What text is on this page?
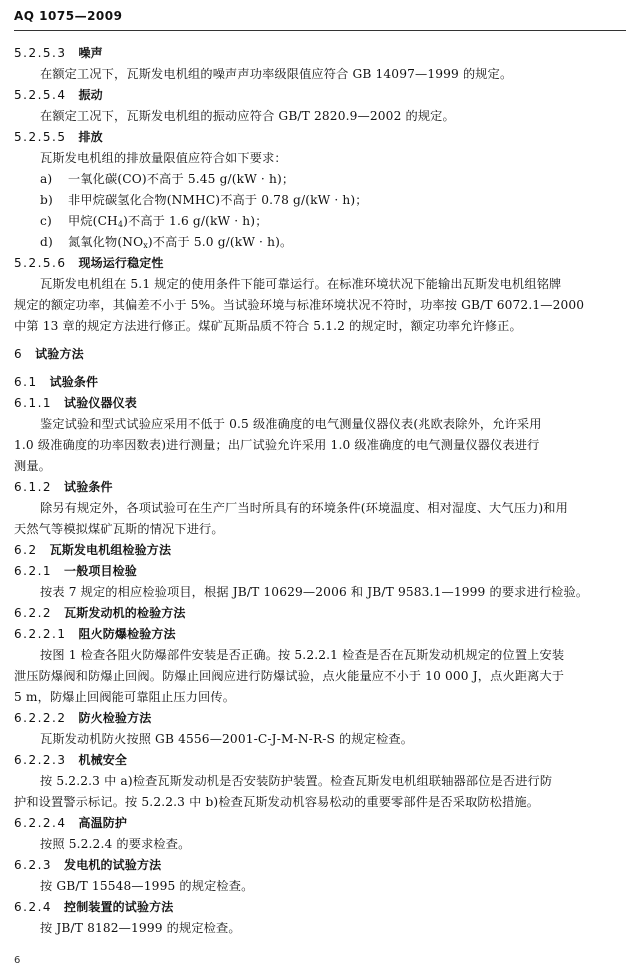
AQ 1075—2009
5.2.5.3 噪声
在额定工况下，瓦斯发电机组的噪声声功率级限值应符合 GB 14097—1999 的规定。
5.2.5.4 振动
在额定工况下，瓦斯发电机组的振动应符合 GB/T 2820.9—2002 的规定。
5.2.5.5 排放
瓦斯发电机组的排放量限值应符合如下要求：
a) 一氧化碳(CO)不高于 5.45 g/(kW · h)；
b) 非甲烷碳氢化合物(NMHC)不高于 0.78 g/(kW · h)；
c) 甲烷$(CH_4)$不高于 1.6 g/(kW · h)；
d) 氮氧化物$(NO_x)$不高于 5.0 g/(kW · h)。
5.2.5.6 现场运行稳定性
瓦斯发电机组在 5.1 规定的使用条件下能可靠运行。在标准环境状况下能输出瓦斯发电机组铭牌
规定的额定功率，其偏差不小于 5%。当试验环境与标准环境状况不符时，功率按 GB/T 6072.1—2000
中第 13 章的规定方法进行修正。煤矿瓦斯品质不符合 5.1.2 的规定时，额定功率允许修正。
6 试验方法
6.1 试验条件
6.1.1 试验仪器仪表
鉴定试验和型式试验应采用不低于 0.5 级准确度的电气测量仪器仪表(兆欧表除外，允许采用
1.0 级准确度的功率因数表)进行测量；出厂试验允许采用 1.0 级准确度的电气测量仪器仪表进行
测量。
6.1.2 试验条件
除另有规定外，各项试验可在生产厂当时所具有的环境条件(环境温度、相对湿度、大气压力)和用
天然气等模拟煤矿瓦斯的情况下进行。
6.2 瓦斯发电机组检验方法
6.2.1 一般项目检验
按表 7 规定的相应检验项目，根据 JB/T 10629—2006 和 JB/T 9583.1—1999 的要求进行检验。
6.2.2 瓦斯发动机的检验方法
6.2.2.1 阻火防爆检验方法
按图 1 检查各阻火防爆部件安装是否正确。按 5.2.2.1 检查是否在瓦斯发动机规定的位置上安装
泄压防爆阀和防爆止回阀。防爆止回阀应进行防爆试验，点火能量应不小于 10 000 J，点火距离大于
5 m，防爆止回阀能可靠阻止压力回传。
6.2.2.2 防火检验方法
瓦斯发动机防火按照 GB 4556—2001-C-J-M-N-R-S 的规定检查。
6.2.2.3 机械安全
按 5.2.2.3 中 a)检查瓦斯发动机是否安装防护装置。检查瓦斯发电机组联轴器部位是否进行防
护和设置警示标记。按 5.2.2.3 中 b)检查瓦斯发动机容易松动的重要零部件是否采取防松措施。
6.2.2.4 高温防护
按照 5.2.2.4 的要求检查。
6.2.3 发电机的试验方法
按 GB/T 15548—1995 的规定检查。
6.2.4 控制装置的试验方法
按 JB/T 8182—1999 的规定检查。
6
